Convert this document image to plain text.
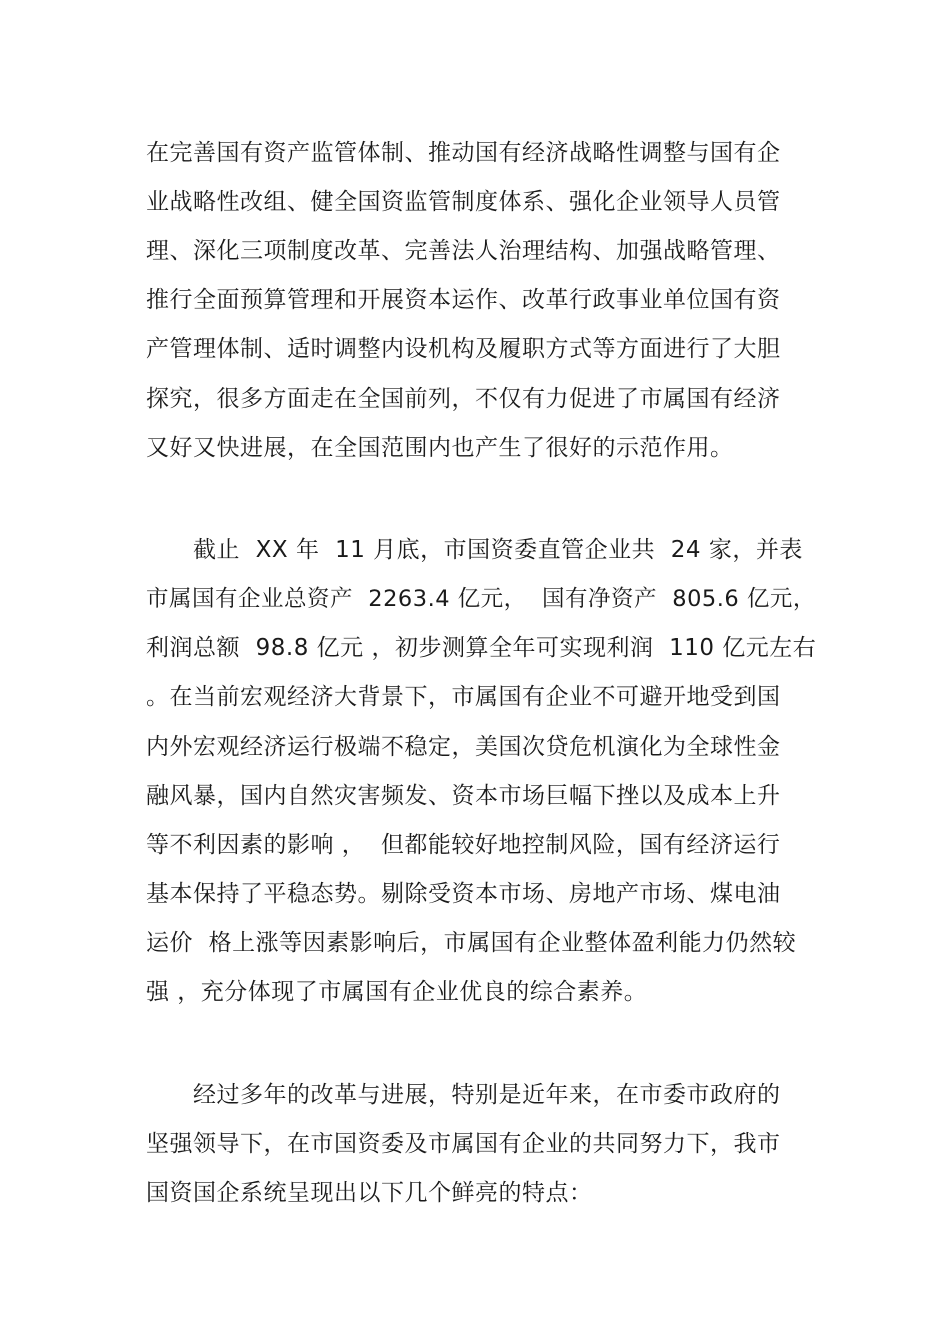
在完善国有资产监管体制、推动国有经济战略性调整与国有企
业战略性改组、健全国资监管制度体系、强化企业领导人员管
理、深化三项制度改革、完善法人治理结构、加强战略管理、
推行全面预算管理和开展资本运作、改革行政事业单位国有资
产管理体制、适时调整内设机构及履职方式等方面进行了大胆
探究，很多方面走在全国前列，不仅有力促进了市属国有经济
又好又快进展，在全国范围内也产生了很好的示范作用。
截止  XX 年  11 月底，市国资委直管企业共  24 家，并表
市属国有企业总资产  2263.4 亿元，  国有净资产  805.6 亿元，
利润总额  98.8 亿元 ，初步测算全年可实现利润  110 亿元左右
。在当前宏观经济大背景下，市属国有企业不可避开地受到国
内外宏观经济运行极端不稳定，美国次贷危机演化为全球性金
融风暴，国内自然灾害频发、资本市场巨幅下挫以及成本上升
等不利因素的影响 ，  但都能较好地控制风险，国有经济运行
基本保持了平稳态势。剔除受资本市场、房地产市场、煤电油
运价  格上涨等因素影响后，市属国有企业整体盈利能力仍然较
强 ，充分体现了市属国有企业优良的综合素养。
经过多年的改革与进展，特别是近年来，在市委市政府的
坚强领导下，在市国资委及市属国有企业的共同努力下，我市
国资国企系统呈现出以下几个鲜亮的特点：
